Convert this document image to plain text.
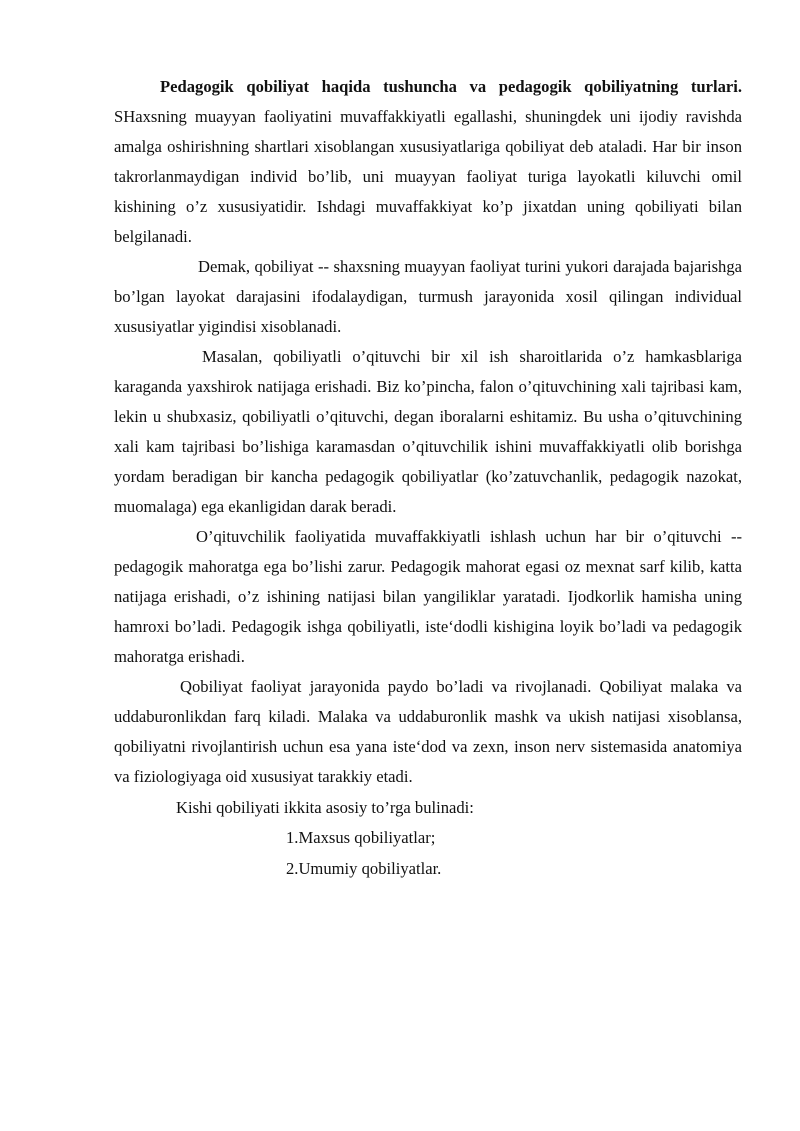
Pedagogik qobiliyat haqida tushuncha va pedagogik qobiliyatning turlari. SHaxsning muayyan faoliyatini muvaffakkiyatli egallashi, shuningdek uni ijodiy ravishda amalga oshirishning shartlari xisoblangan xususiyatlariga qobiliyat deb ataladi. Har bir inson takrorlanmaydigan individ bo’lib, uni muayyan faoliyat turiga layokatli kiluvchi omil kishining o’z xususiyatidir. Ishdagi muvaffakkiyat ko’p jixatdan uning qobiliyati bilan belgilanadi.

Demak, qobiliyat -- shaxsning muayyan faoliyat turini yukori darajada bajarishga bo’lgan layokat darajasini ifodalaydigan, turmush jarayonida xosil qilingan individual xususiyatlar yigindisi xisoblanadi.

Masalan, qobiliyatli o’qituvchi bir xil ish sharoitlarida o’z hamkasblariga karaganda yaxshirok natijaga erishadi. Biz ko’pincha, falon o’qituvchining xali tajribasi kam, lekin u shubxasiz, qobiliyatli o’qituvchi, degan iboralarni eshitamiz. Bu usha o’qituvchining xali kam tajribasi bo’lishiga karamasdan o’qituvchilik ishini muvaffakkiyatli olib borishga yordam beradigan bir kancha pedagogik qobiliyatlar (ko’zatuvchanlik, pedagogik nazokat, muomalaga) ega ekanligidan darak beradi.

O’qituvchilik faoliyatida muvaffakkiyatli ishlash uchun har bir o’qituvchi -- pedagogik mahoratga ega bo’lishi zarur. Pedagogik mahorat egasi oz mexnat sarf kilib, katta natijaga erishadi, o’z ishining natijasi bilan yangiliklar yaratadi. Ijodkorlik hamisha uning hamroxi bo’ladi. Pedagogik ishga qobiliyatli, iste‘dodli kishigina loyik bo’ladi va pedagogik mahoratga erishadi.

Qobiliyat faoliyat jarayonida paydo bo’ladi va rivojlanadi. Qobiliyat malaka va uddaburonlikdan farq kiladi. Malaka va uddaburonlik mashk va ukish natijasi xisoblansa, qobiliyatni rivojlantirish uchun esa yana iste‘dod va zexn, inson nerv sistemasida anatomiya va fiziologiyaga oid xususiyat tarakkiy etadi.

Kishi qobiliyati ikkita asosiy to’rga bulinadi:

1.Maxsus qobiliyatlar;
2.Umumiy qobiliyatlar.
